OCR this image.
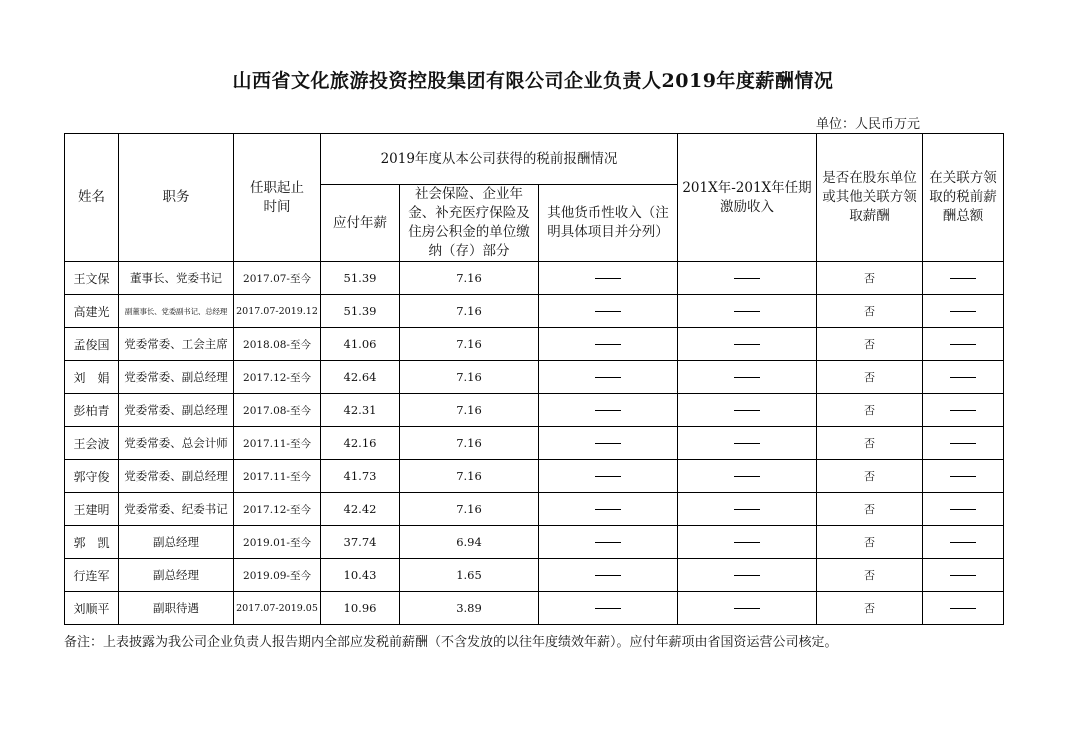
山西省文化旅游投资控股集团有限公司企业负责人2019年度薪酬情况
单位：人民币万元
姓名	职务	任职起止时间	2019年度从本公司获得的税前报酬情况			201X年-201X年任期激励收入	是否在股东单位或其他关联方领取薪酬	在关联方领取的税前薪酬总额
			应付年薪	社会保险、企业年金、补充医疗保险及住房公积金的单位缴纳（存）部分	其他货币性收入（注明具体项目并分列）			
王文保	董事长、党委书记	2017.07-至今	51.39	7.16			否	
高建光	副董事长、党委副书记、总经理	2017.07-2019.12	51.39	7.16			否	
孟俊国	党委常委、工会主席	2018.08-至今	41.06	7.16			否	
刘　娟	党委常委、副总经理	2017.12-至今	42.64	7.16			否	
彭柏青	党委常委、副总经理	2017.08-至今	42.31	7.16			否	
王会波	党委常委、总会计师	2017.11-至今	42.16	7.16			否	
郭守俊	党委常委、副总经理	2017.11-至今	41.73	7.16			否	
王建明	党委常委、纪委书记	2017.12-至今	42.42	7.16			否	
郭　凯	副总经理	2019.01-至今	37.74	6.94			否	
行连军	副总经理	2019.09-至今	10.43	1.65			否	
刘顺平	副职待遇	2017.07-2019.05	10.96	3.89			否	
备注：上表披露为我公司企业负责人报告期内全部应发税前薪酬（不含发放的以往年度绩效年薪）。应付年薪项由省国资运营公司核定。
